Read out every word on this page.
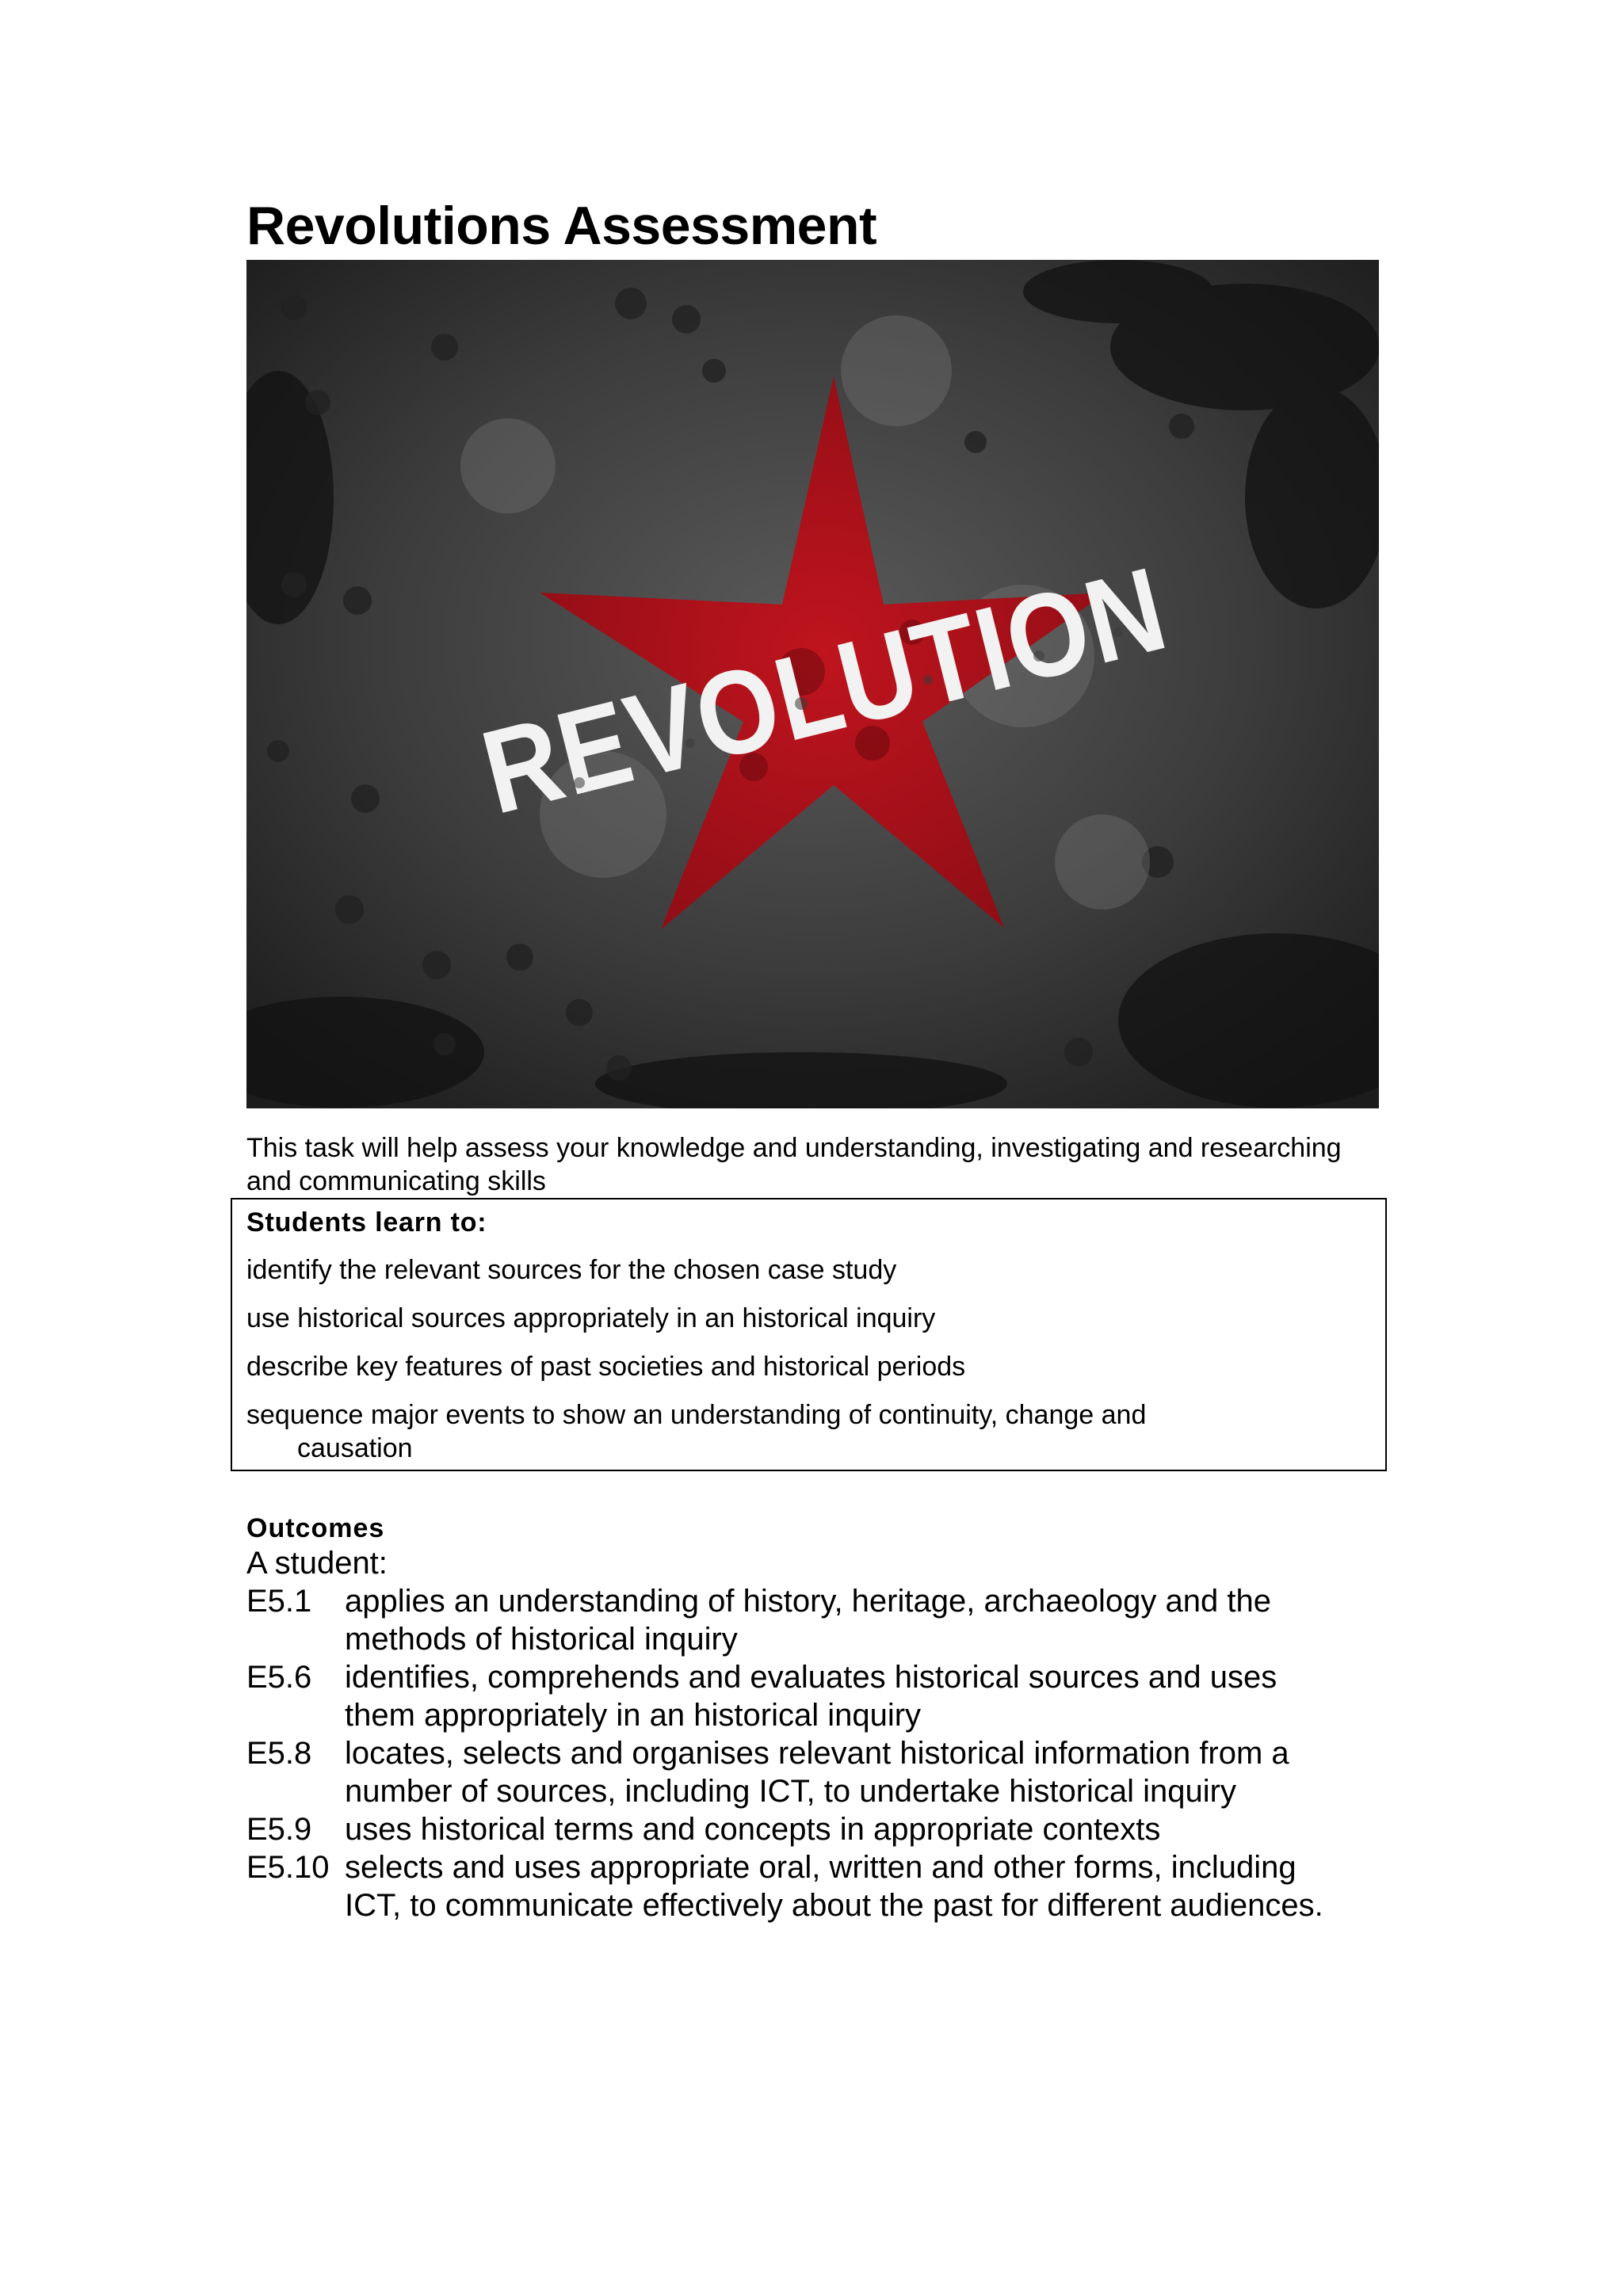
Revolutions Assessment
REVOLUTION
This task will help assess your knowledge and understanding, investigating and researching and communicating skills
Students learn to:
identify the relevant sources for the chosen case study
use historical sources appropriately in an historical inquiry
describe key features of past societies and historical periods
sequence major events to show an understanding of continuity, change and
causation
Outcomes
A student:
E5.1 applies an understanding of history, heritage, archaeology and the
methods of historical inquiry
E5.6 identifies, comprehends and evaluates historical sources and uses
them appropriately in an historical inquiry
E5.8 locates, selects and organises relevant historical information from a
number of sources, including ICT, to undertake historical inquiry
E5.9 uses historical terms and concepts in appropriate contexts
E5.10 selects and uses appropriate oral, written and other forms, including
ICT, to communicate effectively about the past for different audiences.
